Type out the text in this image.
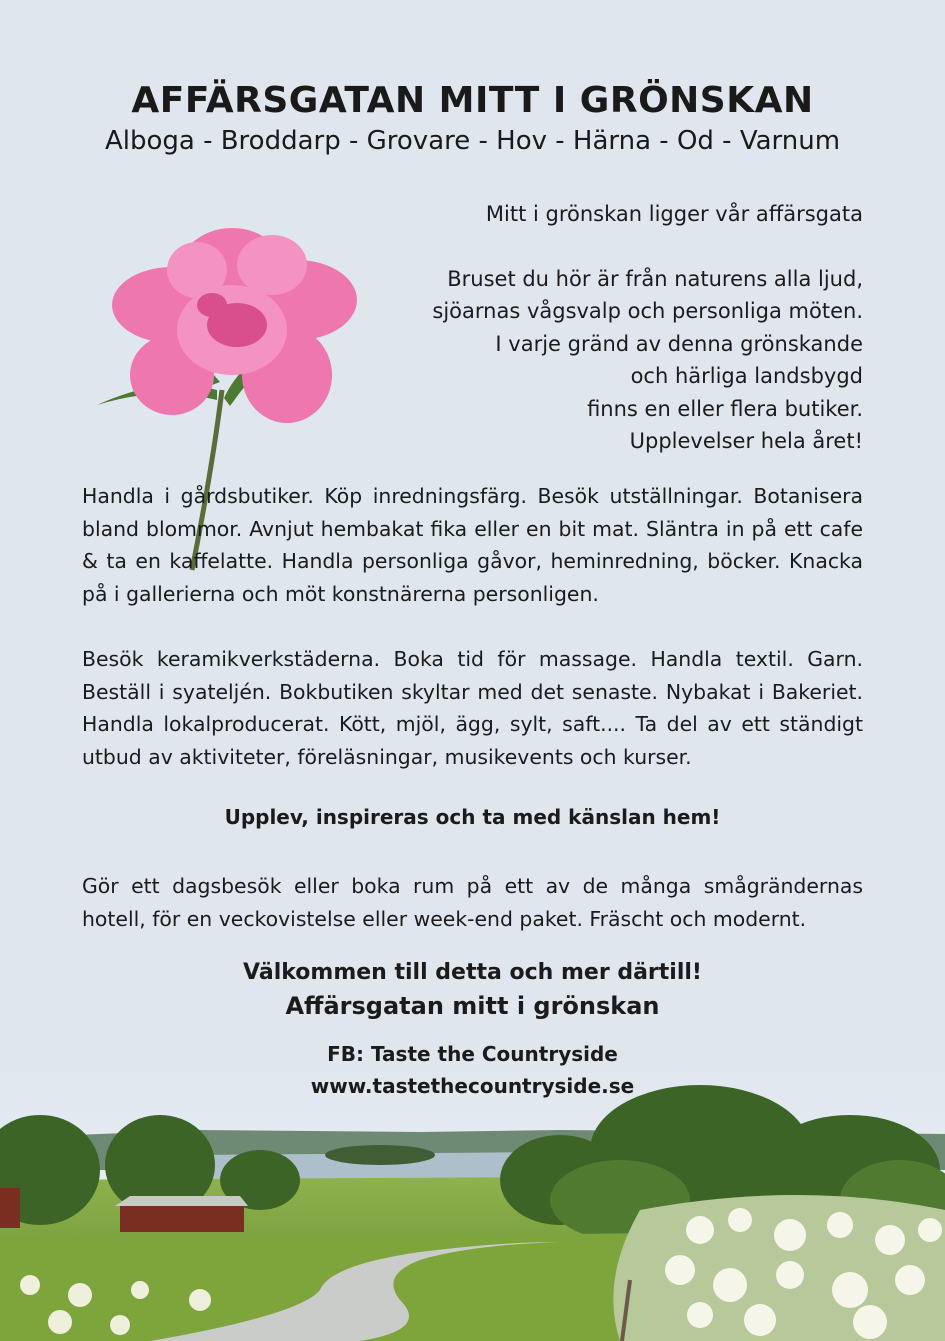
AFFÄRSGATAN MITT I GRÖNSKAN
Alboga - Broddarp - Grovare - Hov - Härna - Od - Varnum
Mitt i grönskan ligger vår affärsgata
Bruset du hör är från naturens alla ljud,
sjöarnas vågsvalp och personliga möten.
I varje gränd av denna grönskande
och härliga landsbygd
finns en eller flera butiker.
Upplevelser hela året!
Handla i gårdsbutiker. Köp inredningsfärg. Besök utställningar. Botanisera bland blommor. Avnjut hembakat fika eller en bit mat. Släntra in på ett cafe & ta en kaffelatte. Handla personliga gåvor, heminredning, böcker. Knacka på i gallerierna och möt konstnärerna personligen.
Besök keramikverkstäderna. Boka tid för massage. Handla textil. Garn. Beställ i syateljén. Bokbutiken skyltar med det senaste. Nybakat i Bakeriet. Handla lokalproducerat. Kött, mjöl, ägg, sylt, saft.... Ta del av ett ständigt utbud av aktiviteter, föreläsningar, musikevents och kurser.
Upplev, inspireras och ta med känslan hem!
Gör ett dagsbesök eller boka rum på ett av de många smågrändernas hotell, för en veckovistelse eller week-end paket. Fräscht och modernt.
Välkommen till detta och mer därtill!
Affärsgatan mitt i grönskan
FB: Taste the Countryside
www.tastethecountryside.se
